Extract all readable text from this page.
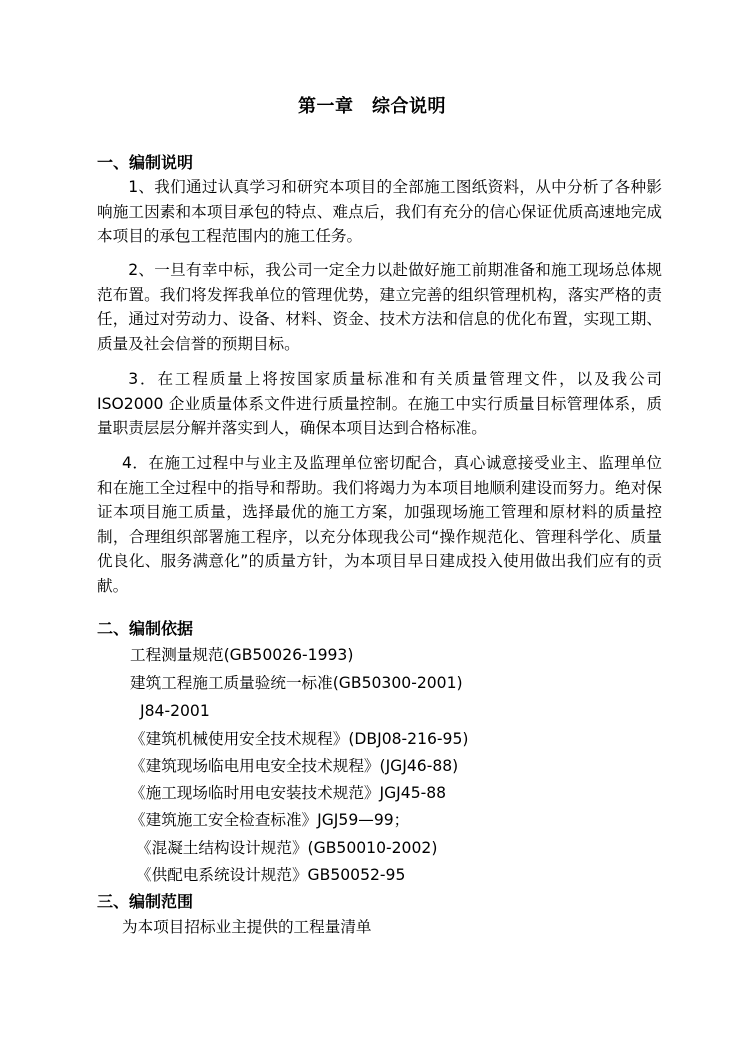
第一章　综合说明
一、编制说明

1、我们通过认真学习和研究本项目的全部施工图纸资料，从中分析了各种影响施工因素和本项目承包的特点、难点后，我们有充分的信心保证优质高速地完成本项目的承包工程范围内的施工任务。

2、一旦有幸中标，我公司一定全力以赴做好施工前期准备和施工现场总体规范布置。我们将发挥我单位的管理优势，建立完善的组织管理机构，落实严格的责任，通过对劳动力、设备、材料、资金、技术方法和信息的优化布置，实现工期、质量及社会信誉的预期目标。

3．在工程质量上将按国家质量标准和有关质量管理文件，以及我公司 ISO2000 企业质量体系文件进行质量控制。在施工中实行质量目标管理体系，质量职责层层分解并落实到人，确保本项目达到合格标准。

4．在施工过程中与业主及监理单位密切配合，真心诚意接受业主、监理单位和在施工全过程中的指导和帮助。我们将竭力为本项目地顺利建设而努力。绝对保证本项目施工质量，选择最优的施工方案，加强现场施工管理和原材料的质量控制，合理组织部署施工程序，以充分体现我公司“操作规范化、管理科学化、质量优良化、服务满意化”的质量方针，为本项目早日建成投入使用做出我们应有的贡献。

二、编制依据
工程测量规范(GB50026-1993)
建筑工程施工质量验统一标准(GB50300-2001)
J84-2001
《建筑机械使用安全技术规程》(DBJ08-216-95)
《建筑现场临电用电安全技术规程》(JGJ46-88)
《施工现场临时用电安装技术规范》JGJ45-88
《建筑施工安全检查标准》JGJ59—99；
《混凝土结构设计规范》(GB50010-2002)
《供配电系统设计规范》GB50052-95
三、编制范围
为本项目招标业主提供的工程量清单
